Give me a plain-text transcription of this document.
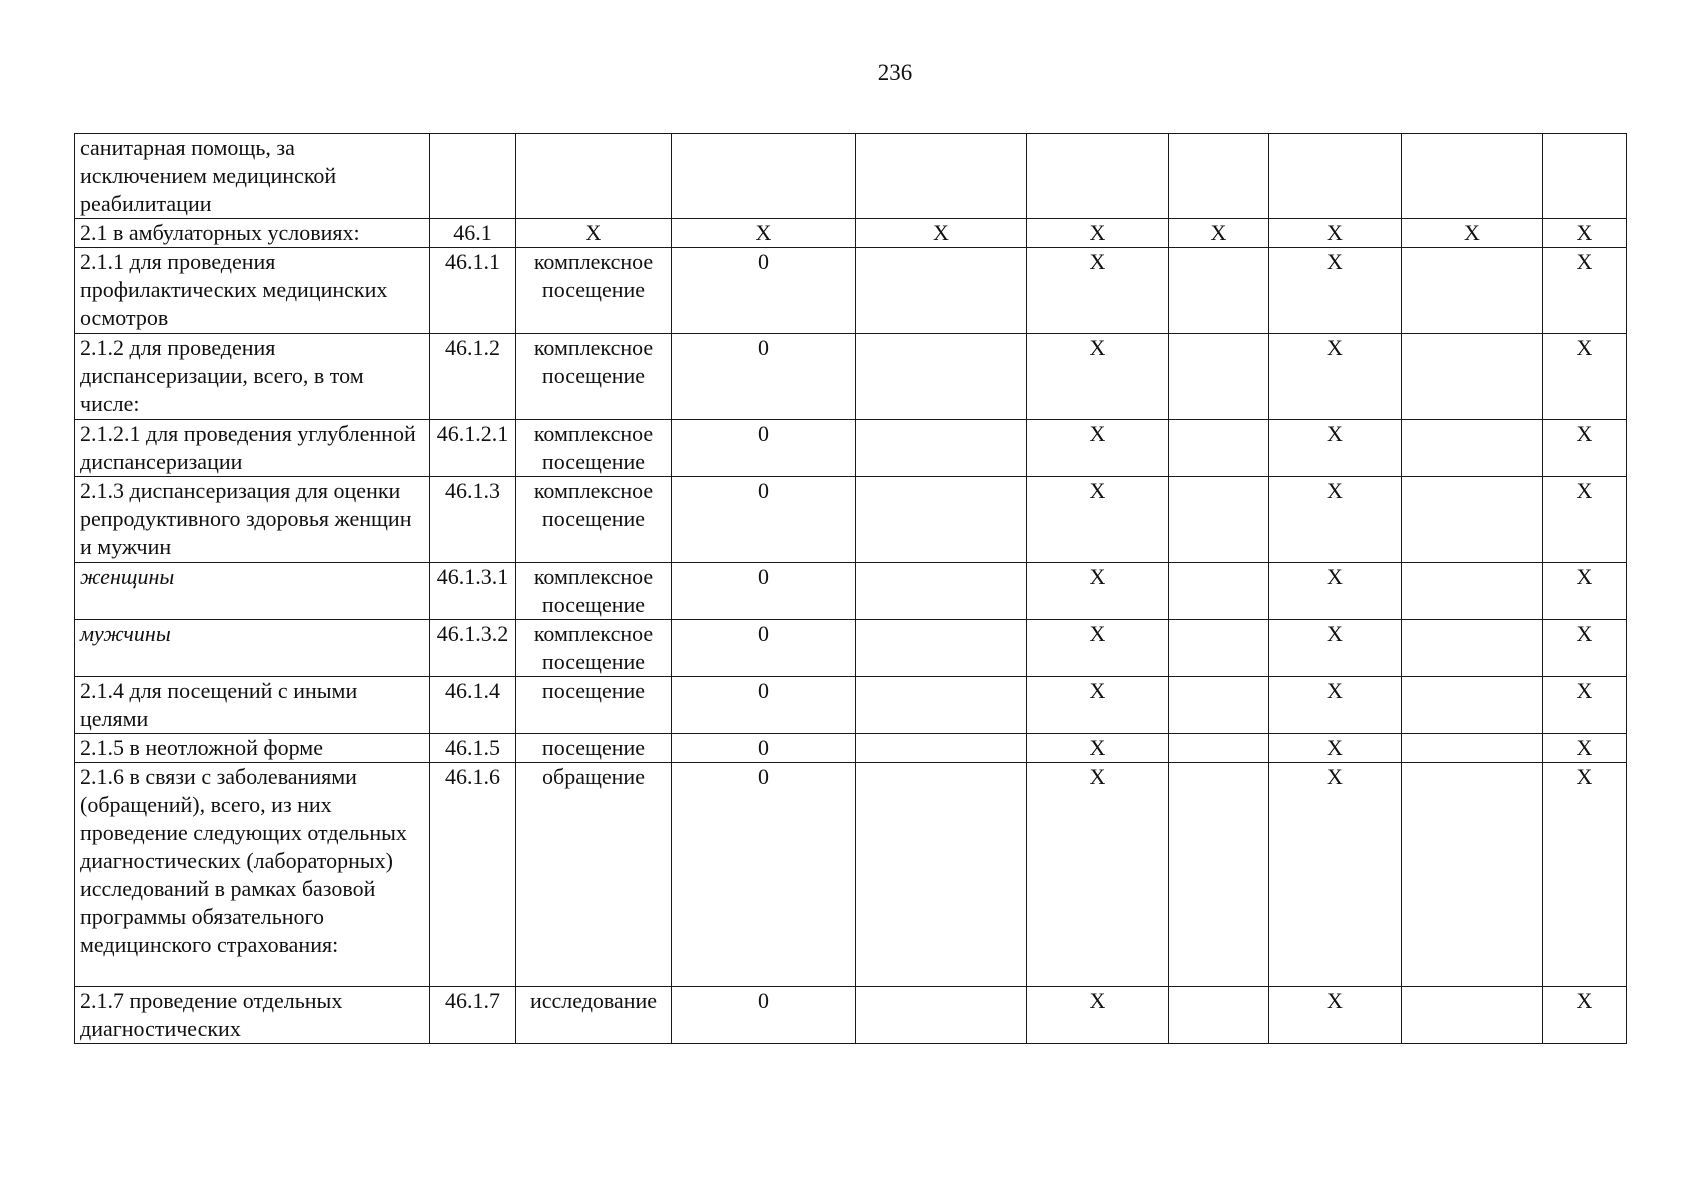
236
санитарная помощь, за исключением медицинской реабилитации										
2.1 в амбулаторных условиях:	46.1	X	X	X	X	X	X	X	X	
2.1.1 для проведения профилактических медицинских осмотров	46.1.1	комплексное посещение	0		X		X		X	
2.1.2 для проведения диспансеризации, всего, в том числе:	46.1.2	комплексное посещение	0		X		X		X	
2.1.2.1 для проведения углубленной диспансеризации	46.1.2.1	комплексное посещение	0		X		X		X	
2.1.3 диспансеризация для оценки репродуктивного здоровья женщин и мужчин	46.1.3	комплексное посещение	0		X		X		X	
женщины	46.1.3.1	комплексное посещение	0		X		X		X	
мужчины	46.1.3.2	комплексное посещение	0		X		X		X	
2.1.4 для посещений с иными целями	46.1.4	посещение	0		X		X		X	
2.1.5 в неотложной форме	46.1.5	посещение	0		X		X		X	
2.1.6 в связи с заболеваниями (обращений), всего, из них проведение следующих отдельных диагностических (лабораторных) исследований в рамках базовой программы обязательного медицинского страхования:	46.1.6	обращение	0		X		X		X	
2.1.7 проведение отдельных диагностических	46.1.7	исследование	0		X		X		X	
